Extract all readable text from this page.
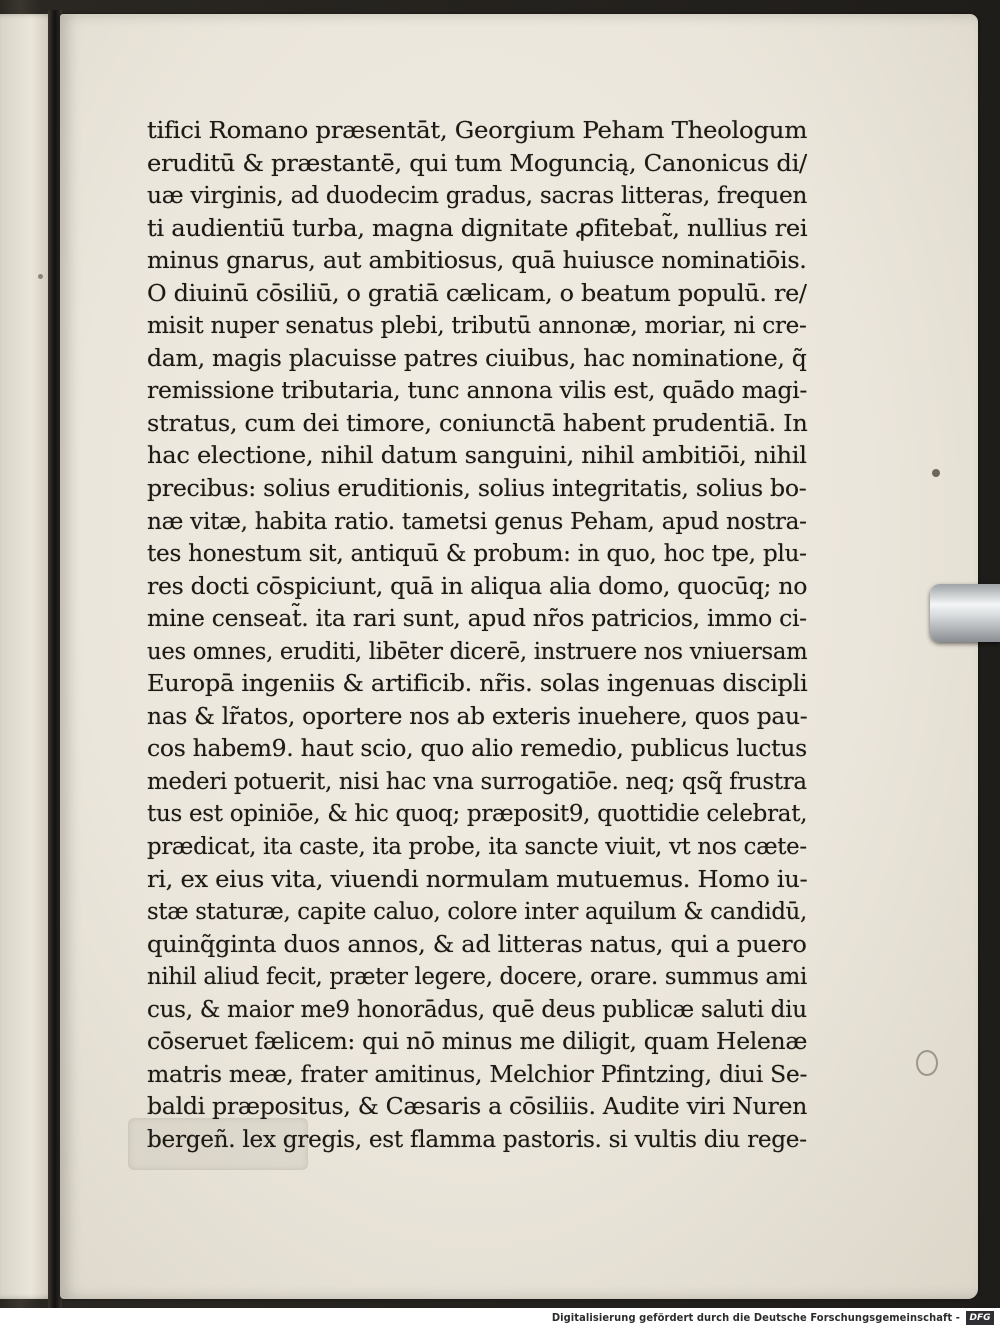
tifici Romano præsentāt, Georgium Peham Theologum
eruditū & præstantē, qui tum Moguncią, Canonicus di/
uæ virginis, ad duodecim gradus, sacras litteras, frequen
ti audientiū turba, magna dignitate ꝓfitebat̃, nullius rei
minus gnarus, aut ambitiosus, quā huiusce nominatiōis.
O diuinū cōsiliū, o gratiā cælicam, o beatum populū. re/
misit nuper senatus plebi, tributū annonæ, moriar, ni cre-
dam, magis placuisse patres ciuibus, hac nominatione, q̃
remissione tributaria, tunc annona vilis est, quādo magi-
stratus, cum dei timore, coniunctā habent prudentiā. In
hac electione, nihil datum sanguini, nihil ambitiōi, nihil
precibus: solius eruditionis, solius integritatis, solius bo-
næ vitæ, habita ratio. tametsi genus Peham, apud nostra-
tes honestum sit, antiquū & probum: in quo, hoc tpe, plu-
res docti cōspiciunt, quā in aliqua alia domo, quocūq; no
mine censeat̃. ita rari sunt, apud nr̃os patricios, immo ci-
ues omnes, eruditi, libēter dicerē, instruere nos vniuersam
Europā ingeniis & artificib. nr̃is. solas ingenuas discipli
nas & lr̃atos, oportere nos ab exteris inuehere, quos pau-
cos habem9. haut scio, quo alio remedio, publicus luctus
mederi potuerit, nisi hac vna surrogatiōe. neq; qsq̃ frustra
tus est opiniōe, & hic quoq; præposit9, quottidie celebrat,
prædicat, ita caste, ita probe, ita sancte viuit, vt nos cæte-
ri, ex eius vita, viuendi normulam mutuemus. Homo iu-
stæ staturæ, capite caluo, colore inter aquilum & candidū,
quinq̃ginta duos annos, & ad litteras natus, qui a puero
nihil aliud fecit, præter legere, docere, orare. summus ami
cus, & maior me9 honorādus, quē deus publicæ saluti diu
cōseruet fælicem: qui nō minus me diligit, quam Helenæ
matris meæ, frater amitinus, Melchior Pfintzing, diui Se-
baldi præpositus, & Cæsaris a cōsiliis. Audite viri Nuren
bergeñ. lex gregis, est flamma pastoris. si vultis diu rege-
Digitalisierung gefördert durch die Deutsche Forschungsgemeinschaft -	DFG
